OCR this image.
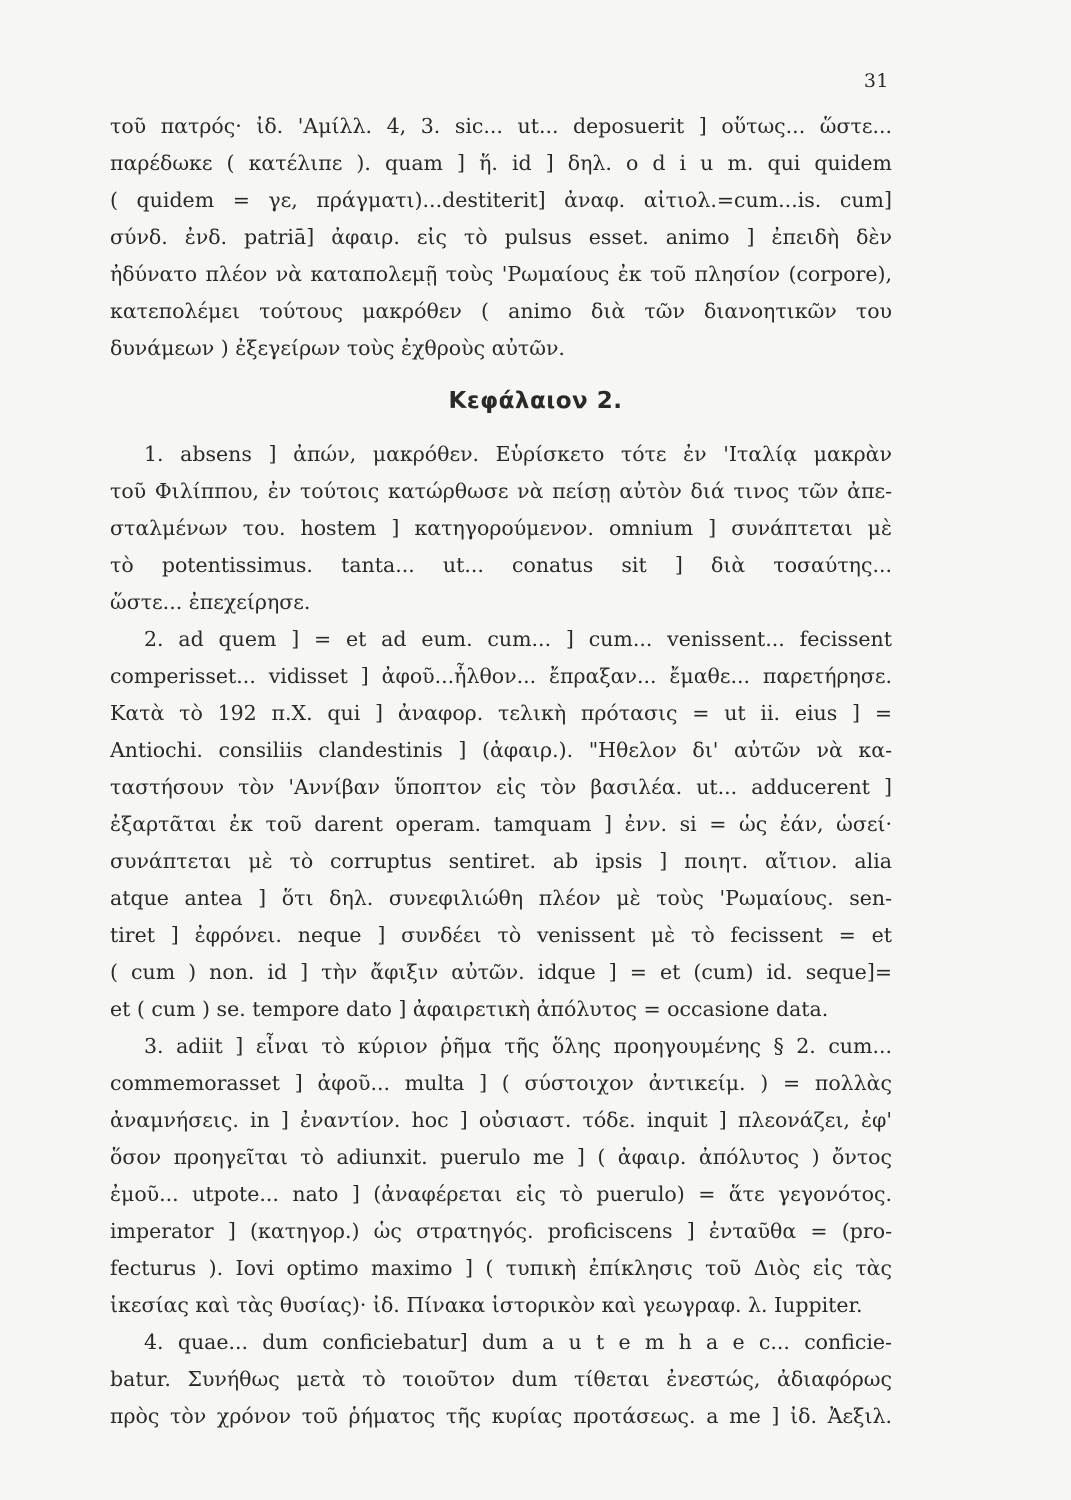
31
τοῦ πατρός· ἰδ. 'Αμίλλ. 4, 3. sic... ut... deposuerit ] οὕτως... ὥστε...
παρέδωκε ( κατέλιπε ). quam ] ἥ. id ] δηλ. o d i u m. qui quidem
( quidem = γε, πράγματι)...destiterit] ἀναφ. αἰτιολ.=cum...is. cum]
σύνδ. ἐνδ. patriā] ἀφαιρ. εἰς τὸ pulsus esset. animo ] ἐπειδὴ δὲν
ἠδύνατο πλέον νὰ καταπολεμῇ τοὺς 'Ρωμαίους ἐκ τοῦ πλησίον (corpore),
κατεπολέμει τούτους μακρόθεν ( animo διὰ τῶν διανοητικῶν του
δυνάμεων ) ἐξεγείρων τοὺς ἐχθροὺς αὐτῶν.
Κεφάλαιον 2.
1. absens ] ἀπών, μακρόθεν. Εὑρίσκετο τότε ἐν 'Ιταλίᾳ μακρὰν
τοῦ Φιλίππου, ἐν τούτοις κατώρθωσε νὰ πείσῃ αὐτὸν διά τινος τῶν ἀπε-
σταλμένων του. hostem ] κατηγορούμενον. omnium ] συνάπτεται μὲ
τὸ potentissimus. tanta... ut... conatus sit ] διὰ τοσαύτης...
ὥστε... ἐπεχείρησε.
2. ad quem ] = et ad eum. cum... ] cum... venissent... fecissent
comperisset... vidisset ] ἀφοῦ...ἦλθον... ἔπραξαν... ἔμαθε... παρετήρησε.
Κατὰ τὸ 192 π.Χ. qui ] ἀναφορ. τελικὴ πρότασις = ut ii. eius ] =
Antiochi. consiliis clandestinis ] (ἀφαιρ.). "Ηθελον δι' αὐτῶν νὰ κα-
ταστήσουν τὸν 'Αννίβαν ὕποπτον εἰς τὸν βασιλέα. ut... adducerent ]
ἐξαρτᾶται ἐκ τοῦ darent operam. tamquam ] ἐνν. si = ὡς ἐάν, ὡσεί·
συνάπτεται μὲ τὸ corruptus sentiret. ab ipsis ] ποιητ. αἴτιον. alia
atque antea ] ὅτι δηλ. συνεφιλιώθη πλέον μὲ τοὺς 'Ρωμαίους. sen-
tiret ] ἐφρόνει. neque ] συνδέει τὸ venissent μὲ τὸ fecissent = et
( cum ) non. id ] τὴν ἄφιξιν αὐτῶν. idque ] = et (cum) id. seque]=
et ( cum ) se. tempore dato ] ἀφαιρετικὴ ἀπόλυτος = occasione data.
3. adiit ] εἶναι τὸ κύριον ῥῆμα τῆς ὅλης προηγουμένης § 2. cum...
commemorasset ] ἀφοῦ... multa ] ( σύστοιχον ἀντικείμ. ) = πολλὰς
ἀναμνήσεις. in ] ἐναντίον. hoc ] οὐσιαστ. τόδε. inquit ] πλεονάζει, ἐφ'
ὅσον προηγεῖται τὸ adiunxit. puerulo me ] ( ἀφαιρ. ἀπόλυτος ) ὄντος
ἐμοῦ... utpote... nato ] (ἀναφέρεται εἰς τὸ puerulo) = ἅτε γεγονότος.
imperator ] (κατηγορ.) ὡς στρατηγός. proficiscens ] ἐνταῦθα = (pro-
fecturus ). Iovi optimo maximo ] ( τυπικὴ ἐπίκλησις τοῦ Διὸς εἰς τὰς
ἱκεσίας καὶ τὰς θυσίας)· ἰδ. Πίνακα ἱστορικὸν καὶ γεωγραφ. λ. Iuppiter.
4. quae... dum conficiebatur] dum a u t e m h a e c... conficie-
batur. Συνήθως μετὰ τὸ τοιοῦτον dum τίθεται ἐνεστώς, ἀδιαφόρως
πρὸς τὸν χρόνον τοῦ ῥήματος τῆς κυρίας προτάσεως. a me ] ἰδ. Ἀεξιλ.
